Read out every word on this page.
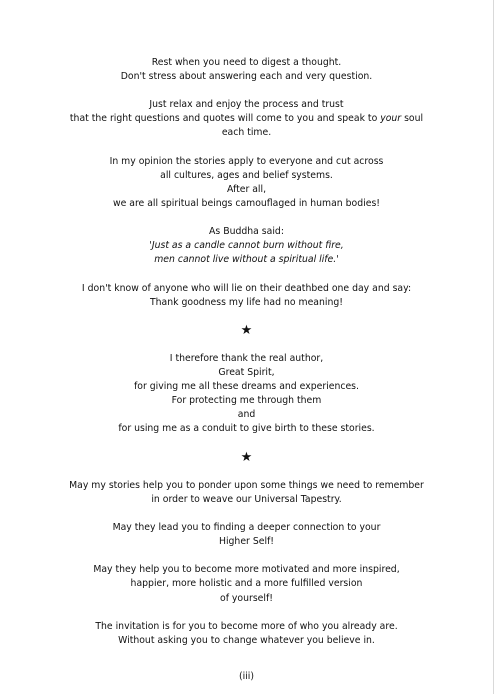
Rest when you need to digest a thought.
Don't stress about answering each and very question.

Just relax and enjoy the process and trust
that the right questions and quotes will come to you and speak to your soul
each time.

In my opinion the stories apply to everyone and cut across
all cultures, ages and belief systems.
After all,
we are all spiritual beings camouflaged in human bodies!

As Buddha said:
'Just as a candle cannot burn without fire,
men cannot live without a spiritual life.'

I don't know of anyone who will lie on their deathbed one day and say:
Thank goodness my life had no meaning!

★

I therefore thank the real author,
Great Spirit,
for giving me all these dreams and experiences.
For protecting me through them
and
for using me as a conduit to give birth to these stories.

★

May my stories help you to ponder upon some things we need to remember
in order to weave our Universal Tapestry.

May they lead you to finding a deeper connection to your
Higher Self!

May they help you to become more motivated and more inspired,
happier, more holistic and a more fulfilled version
of yourself!

The invitation is for you to become more of who you already are.
Without asking you to change whatever you believe in.

(iii)
